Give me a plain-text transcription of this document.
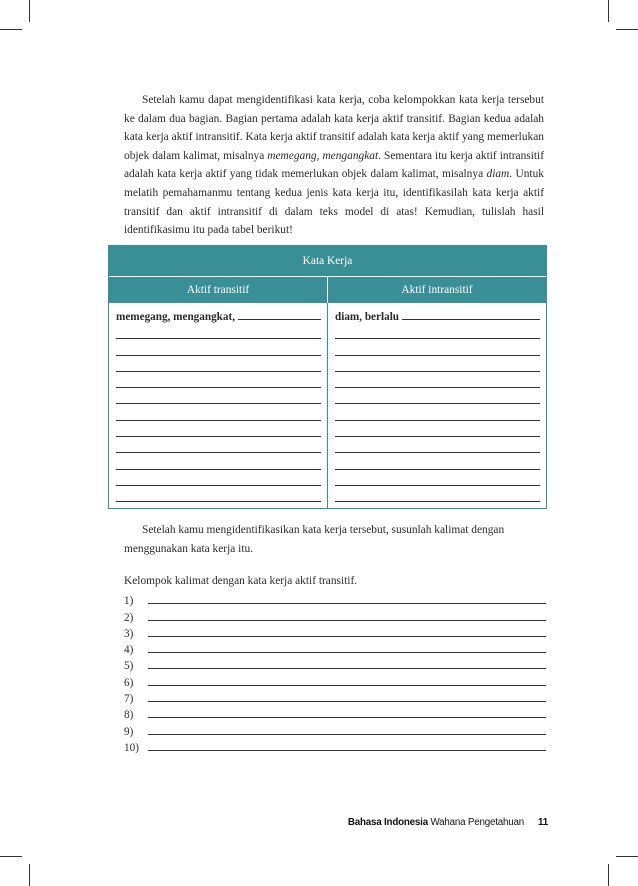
Setelah kamu dapat mengidentifikasi kata kerja, coba kelompokkan kata kerja tersebut ke dalam dua bagian. Bagian pertama adalah kata kerja aktif transitif. Bagian kedua adalah kata kerja aktif intransitif. Kata kerja aktif transitif adalah kata kerja aktif yang memerlukan objek dalam kalimat, misalnya memegang, mengangkat. Sementara itu kerja aktif intransitif adalah kata kerja aktif yang tidak memerlukan objek dalam kalimat, misalnya diam. Untuk melatih pemahamanmu tentang kedua jenis kata kerja itu, identifikasilah kata kerja aktif transitif dan aktif intransitif di dalam teks model di atas! Kemudian, tulislah hasil identifikasimu itu pada tabel berikut!

Kata Kerja
Aktif transitif	Aktif intransitif
memegang, mengangkat,	diam, berlalu

Setelah kamu mengidentifikasikan kata kerja tersebut, susunlah kalimat dengan menggunakan kata kerja itu.

Kelompok kalimat dengan kata kerja aktif transitif.

1)
2)
3)
4)
5)
6)
7)
8)
9)
10)
Bahasa Indonesia Wahana Pengetahuan 11
